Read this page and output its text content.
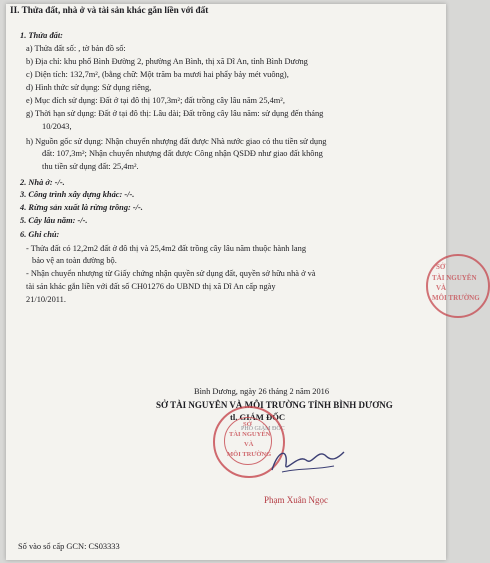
II. Thửa đất, nhà ở và tài sản khác gắn liền với đất
1. Thửa đất:
a) Thửa đất số: , tờ bản đồ số:
b) Địa chỉ: khu phố Bình Đường 2, phường An Bình, thị xã Dĩ An, tỉnh Bình Dương
c) Diện tích: 132,7m², (bằng chữ: Một trăm ba mươi hai phẩy bảy mét vuông),
d) Hình thức sử dụng: Sử dụng riêng,
e) Mục đích sử dụng: Đất ở tại đô thị 107,3m²; đất trồng cây lâu năm 25,4m²,
g) Thời hạn sử dụng: Đất ở tại đô thị: Lâu dài; Đất trồng cây lâu năm: sử dụng đến tháng
10/2043,
h) Nguồn gốc sử dụng: Nhận chuyển nhượng đất được Nhà nước giao có thu tiền sử dụng
đất: 107,3m²; Nhận chuyển nhượng đất được Công nhận QSDĐ như giao đất không
thu tiền sử dụng đất: 25,4m².
2. Nhà ở: -/-.
3. Công trình xây dựng khác: -/-.
4. Rừng sản xuất là rừng trồng: -/-.
5. Cây lâu năm: -/-.
6. Ghi chú:
- Thửa đất có 12,2m2 đất ở đô thị và 25,4m2 đất trồng cây lâu năm thuộc hành lang
bảo vệ an toàn đường bộ.
- Nhận chuyển nhượng từ Giấy chứng nhận quyền sử dụng đất, quyền sở hữu nhà ở và
tài sản khác gắn liền với đất số CH01276 do UBND thị xã Dĩ An cấp ngày
21/10/2011.
SỞ
TÀI NGUYÊN
VÀ
MÔI TRƯỜNG
Bình Dương, ngày 26 tháng 2 năm 2016
SỞ TÀI NGUYÊN VÀ MÔI TRƯỜNG TỈNH BÌNH DƯƠNG
tl. GIÁM ĐỐC
PHÓ GIÁM ĐỐC
SỞ
TÀI NGUYÊN
VÀ
MÔI TRƯỜNG
Phạm Xuân Ngọc
Số vào sổ cấp GCN: CS03333
